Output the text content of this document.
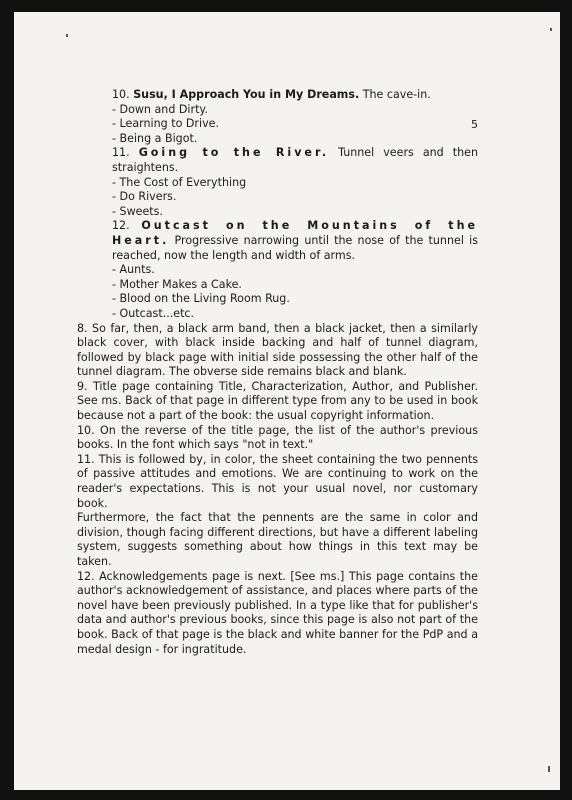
5

10. Susu, I Approach You in My Dreams. The cave-in.

- Down and Dirty.

- Learning to Drive.

- Being a Bigot.

11. Going to the River. Tunnel veers and then straightens.

- The Cost of Everything

- Do Rivers.

- Sweets.

12. Outcast on the Mountains of the Heart. Progressive narrowing until the nose of the tunnel is reached, now the length and width of arms.

- Aunts.

- Mother Makes a Cake.

- Blood on the Living Room Rug.

- Outcast...etc.

8. So far, then, a black arm band, then a black jacket, then a similarly black cover, with black inside backing and half of tunnel diagram, followed by black page with initial side possessing the other half of the tunnel diagram. The obverse side remains black and blank.

9. Title page containing Title, Characterization, Author, and Publisher. See ms. Back of that page in different type from any to be used in book because not a part of the book: the usual copyright information.

10. On the reverse of the title page, the list of the author's previous books. In the font which says "not in text."

11. This is followed by, in color, the sheet containing the two pennents of passive attitudes and emotions. We are continuing to work on the reader's expectations. This is not your usual novel, nor customary book.

Furthermore, the fact that the pennents are the same in color and division, though facing different directions, but have a different labeling system, suggests something about how things in this text may be taken.

12. Acknowledgements page is next. [See ms.] This page contains the author's acknowledgement of assistance, and places where parts of the novel have been previously published. In a type like that for publisher's data and author's previous books, since this page is also not part of the book. Back of that page is the black and white banner for the PdP and a medal design - for ingratitude.
